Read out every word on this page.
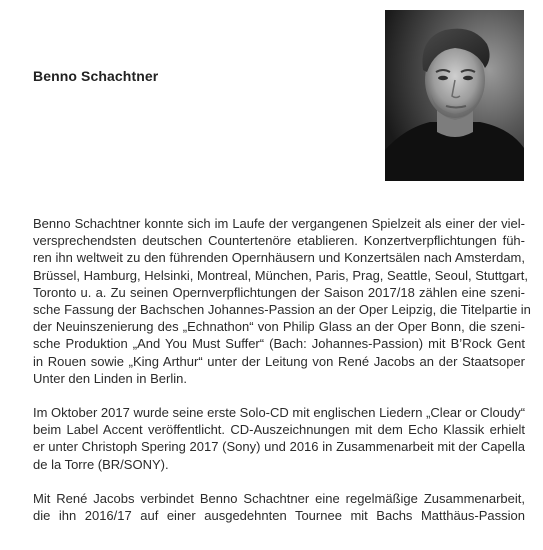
Benno Schachtner

Benno Schachtner konnte sich im Laufe der vergangenen Spielzeit als einer der viel-
versprechendsten deutschen Countertenöre etablieren. Konzertverpflichtungen füh-
ren ihn weltweit zu den führenden Opernhäusern und Konzertsälen nach Amsterdam,
Brüssel, Hamburg, Helsinki, Montreal, München, Paris, Prag, Seattle, Seoul, Stuttgart,
Toronto u. a. Zu seinen Opernverpflichtungen der Saison 2017/18 zählen eine szeni-
sche Fassung der Bachschen Johannes-Passion an der Oper Leipzig, die Titelpartie in
der Neuinszenierung des „Echnathon“ von Philip Glass an der Oper Bonn, die szeni-
sche Produktion „And You Must Suffer“ (Bach: Johannes-Passion) mit B’Rock Gent
in Rouen sowie „King Arthur“ unter der Leitung von René Jacobs an der Staatsoper
Unter den Linden in Berlin.

Im Oktober 2017 wurde seine erste Solo-CD mit englischen Liedern „Clear or Cloudy“
beim Label Accent veröffentlicht. CD-Auszeichnungen mit dem Echo Klassik erhielt
er unter Christoph Spering 2017 (Sony) und 2016 in Zusammenarbeit mit der Capella
de la Torre (BR/SONY).

Mit René Jacobs verbindet Benno Schachtner eine regelmäßige Zusammenarbeit,
die ihn 2016/17 auf einer ausgedehnten Tournee mit Bachs Matthäus-Passion
